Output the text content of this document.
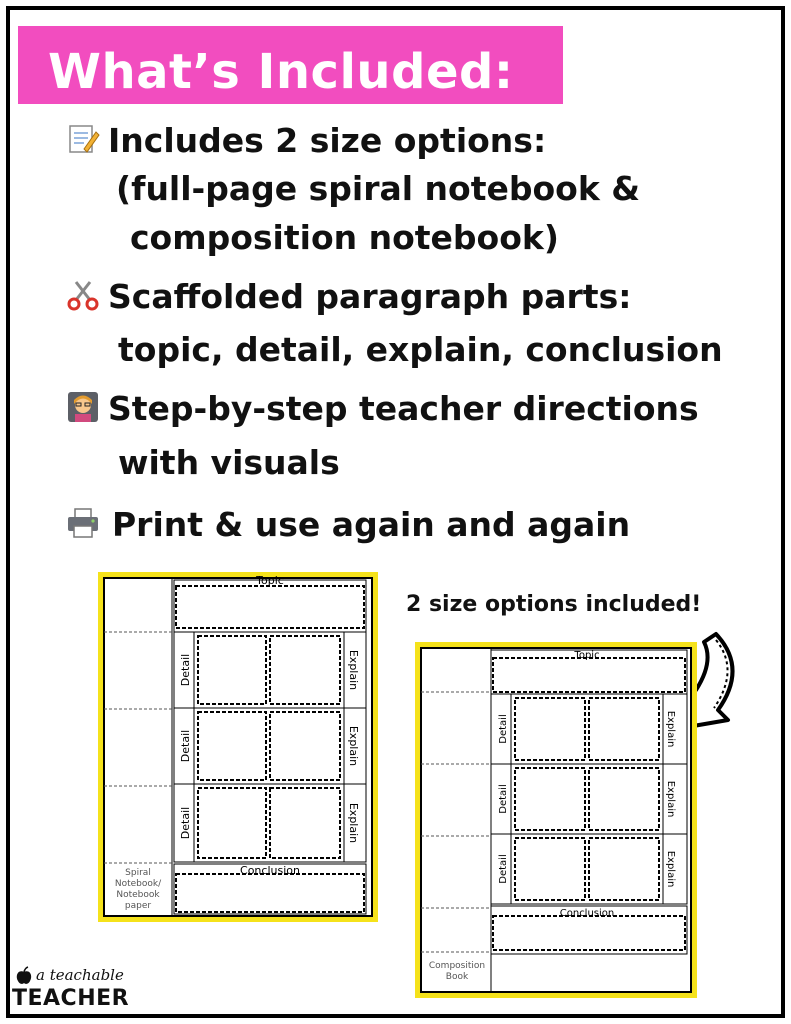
What’s Included:
Includes 2 size options:
(full-page spiral notebook &
composition notebook)
Scaffolded paragraph parts:
topic, detail, explain, conclusion
Step-by-step teacher directions
with visuals
Print & use again and again
Topic
Detail
Detail
Detail
Explain
Explain
Explain
Conclusion
Spiral
Notebook/
Notebook
paper
2 size options included!
Topic
Detail
Detail
Detail
Explain
Explain
Explain
Conclusion
Composition
Book
a teachable
TEACHER
